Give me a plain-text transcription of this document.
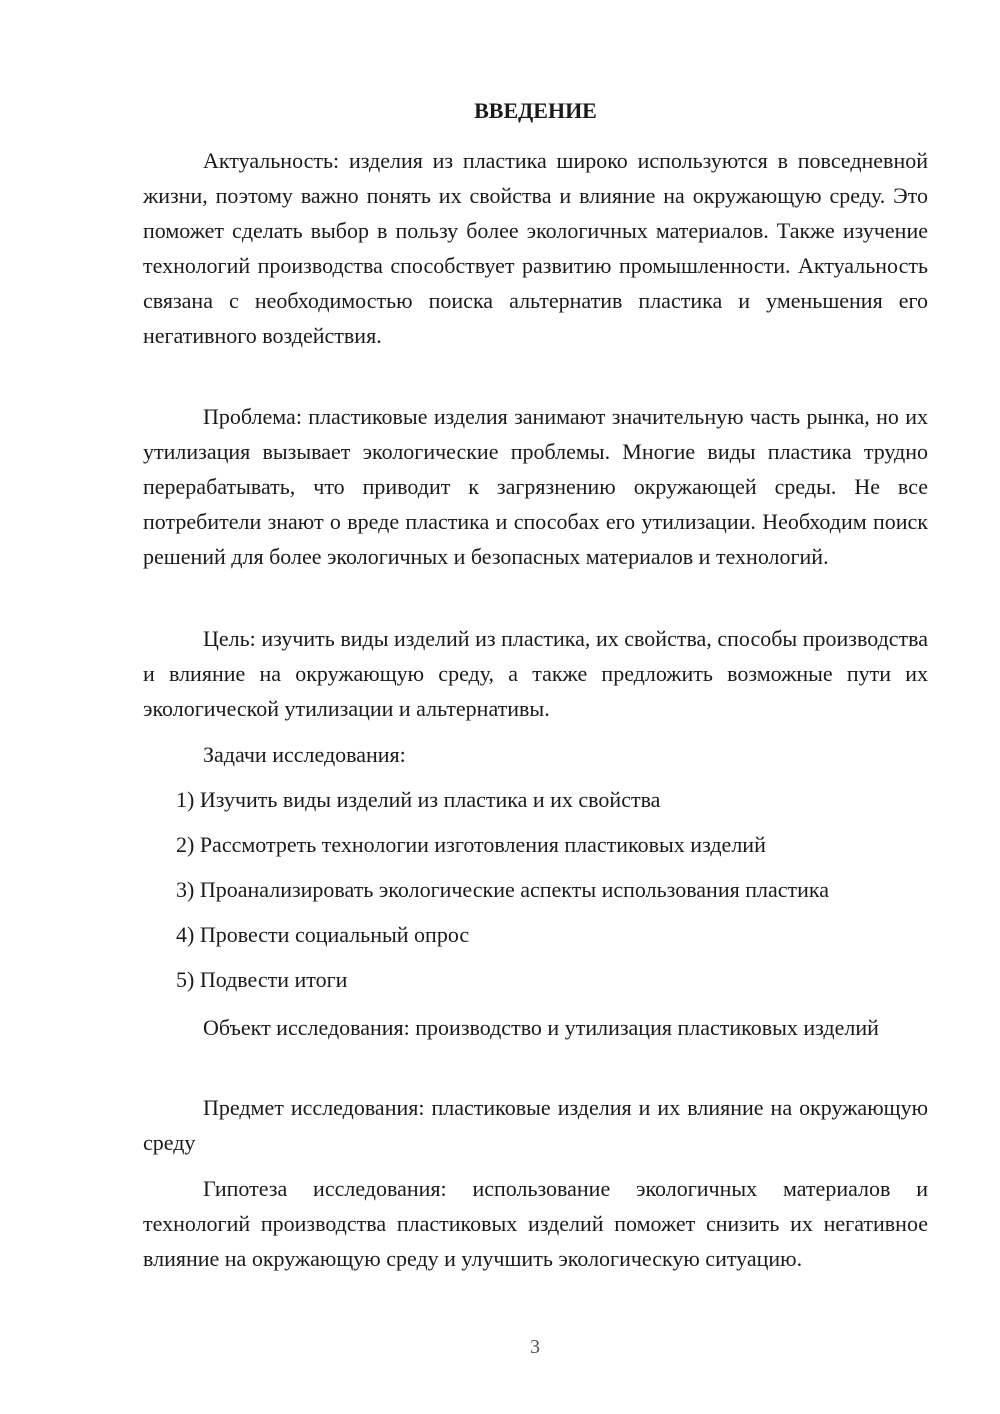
ВВЕДЕНИЕ

Актуальность: изделия из пластика широко используются в повседневной жизни, поэтому важно понять их свойства и влияние на окружающую среду. Это поможет сделать выбор в пользу более экологичных материалов. Также изучение технологий производства способствует развитию промышленности. Актуальность связана с необходимостью поиска альтернатив пластика и уменьшения его негативного воздействия.

Проблема: пластиковые изделия занимают значительную часть рынка, но их утилизация вызывает экологические проблемы. Многие виды пластика трудно перерабатывать, что приводит к загрязнению окружающей среды. Не все потребители знают о вреде пластика и способах его утилизации. Необходим поиск решений для более экологичных и безопасных материалов и технологий.

Цель: изучить виды изделий из пластика, их свойства, способы производства и влияние на окружающую среду, а также предложить возможные пути их экологической утилизации и альтернативы.

Задачи исследования:

1) Изучить виды изделий из пластика и их свойства

2) Рассмотреть технологии изготовления пластиковых изделий

3) Проанализировать экологические аспекты использования пластика

4) Провести социальный опрос

5) Подвести итоги

Объект исследования: производство и утилизация пластиковых изделий

Предмет исследования: пластиковые изделия и их влияние на окружающую среду

Гипотеза исследования: использование экологичных материалов и технологий производства пластиковых изделий поможет снизить их негативное влияние на окружающую среду и улучшить экологическую ситуацию.

3
